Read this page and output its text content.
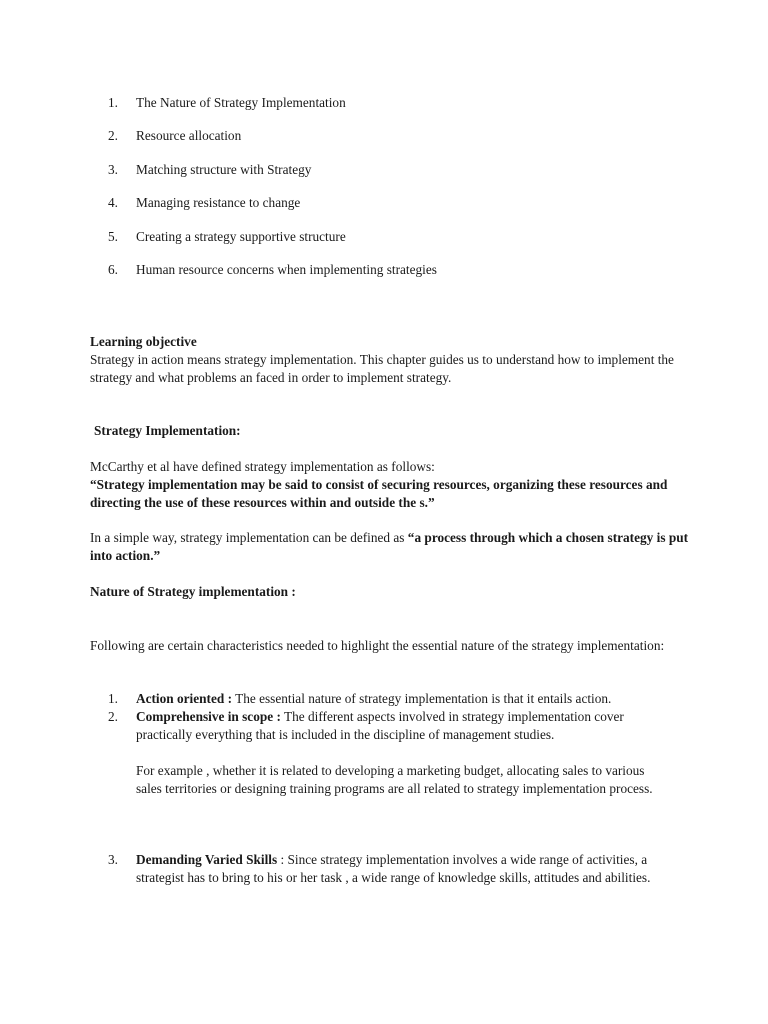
1.	The Nature of Strategy Implementation
2.	Resource allocation
3.	Matching structure with Strategy
4.	Managing resistance to change
5.	Creating a strategy supportive structure
6.	Human resource concerns when implementing strategies
Learning objective
Strategy in action means strategy implementation. This chapter guides us to understand how to implement the strategy and what problems an faced in order to implement strategy.
Strategy Implementation:
McCarthy et al have defined strategy implementation as follows:
“Strategy implementation may be said to consist of securing resources, organizing these resources and directing the use of these resources within and outside the s.”
In a simple way, strategy implementation can be defined as “a process through which a chosen strategy is put into action.”
Nature of Strategy implementation :
Following are certain characteristics needed to highlight the essential nature of the strategy implementation:
1.	Action oriented : The essential nature of strategy implementation is that it entails action.
2.	Comprehensive in scope : The different aspects involved in strategy implementation cover practically everything that is included in the discipline of management studies.
For example , whether it is related to developing a marketing budget, allocating sales to various sales territories or designing training programs are all related to strategy implementation process.
3.	Demanding Varied Skills : Since strategy implementation involves a wide range of activities, a strategist has to bring to his or her task , a wide range of knowledge skills, attitudes and abilities.
